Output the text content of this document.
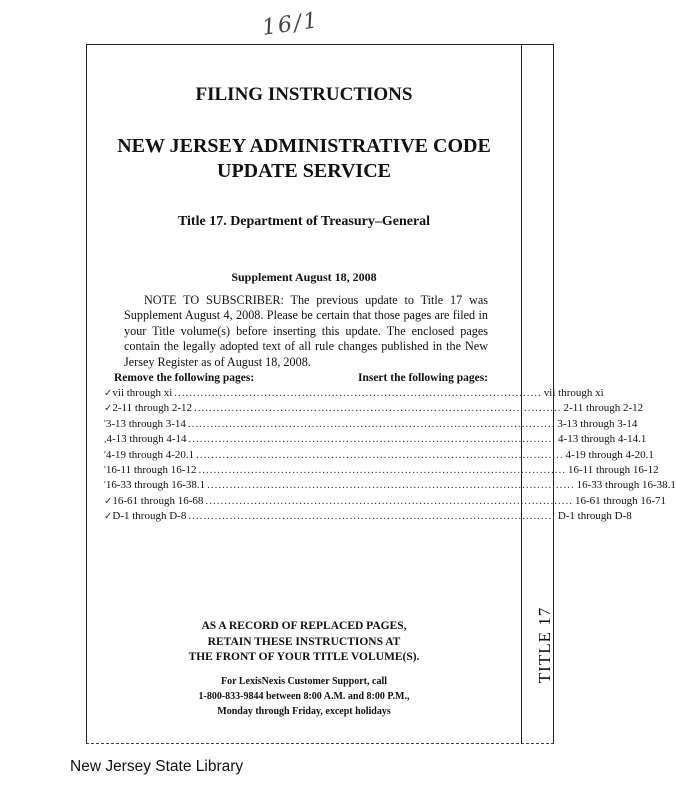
16/1
TITLE 17
FILING INSTRUCTIONS
NEW JERSEY ADMINISTRATIVE CODE
UPDATE SERVICE
Title 17. Department of Treasury–General
Supplement August 18, 2008
NOTE TO SUBSCRIBER: The previous update to Title 17 was Supplement August 4, 2008. Please be certain that those pages are filed in your Title volume(s) before inserting this update. The enclosed pages contain the legally adopted text of all rule changes published in the New Jersey Register as of August 18, 2008.
Remove the following pages:	Insert the following pages:
✓ vii through xi .................................................................................................. vii through xi
✓ 2-11 through 2-12 .................................................................................................. 2-11 through 2-12
' 3-13 through 3-14 .................................................................................................. 3-13 through 3-14
, 4-13 through 4-14 .................................................................................................. 4-13 through 4-14.1
' 4-19 through 4-20.1 .................................................................................................. 4-19 through 4-20.1
' 16-11 through 16-12 .................................................................................................. 16-11 through 16-12
' 16-33 through 16-38.1 .................................................................................................. 16-33 through 16-38.1
✓ 16-61 through 16-68 .................................................................................................. 16-61 through 16-71
✓ D-1 through D-8 .................................................................................................. D-1 through D-8
AS A RECORD OF REPLACED PAGES,
RETAIN THESE INSTRUCTIONS AT
THE FRONT OF YOUR TITLE VOLUME(S).
For LexisNexis Customer Support, call
1-800-833-9844 between 8:00 A.M. and 8:00 P.M.,
Monday through Friday, except holidays
New Jersey State Library
